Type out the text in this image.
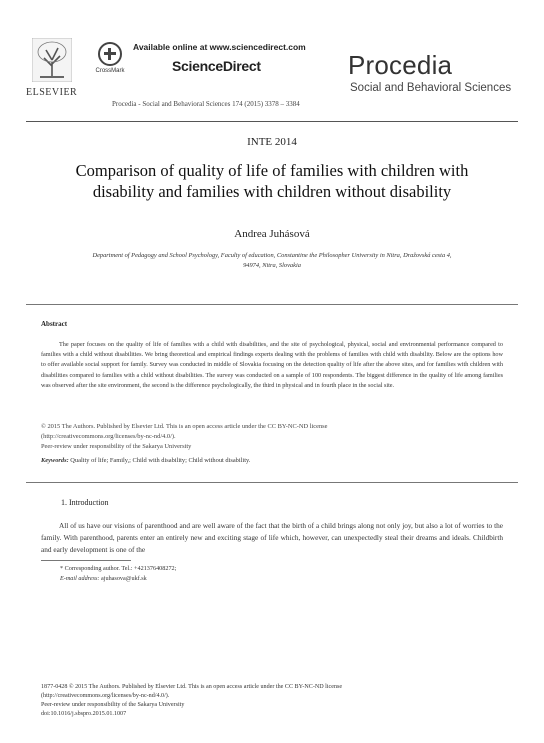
ELSEVIER
CrossMark
Available online at www.sciencedirect.com
ScienceDirect	Procedia
Social and Behavioral Sciences
Procedia - Social and Behavioral Sciences 174 (2015) 3378 – 3384
INTE 2014
Comparison of quality of life of families with children with
disability and families with children without disability
Andrea Juhásová
Department of Pedagogy and School Psychology, Faculty of education, Constantine the Philosopher University in Nitra, Dražovská cesta 4,
94974, Nitra, Slovakia
Abstract
The paper focuses on the quality of life of families with a child with disabilities, and the site of psychological, physical, social and environmental performance compared to families with a child without disabilities. We bring theoretical and empirical findings experts dealing with the problems of families with child with disability. Below are the options how to offer available social support for family. Survey was conducted in middle of Slovakia focusing on the detection quality of life after the above sites, and for families with children with disabilities compared to families with a child without disabilities. The survey was conducted on a sample of 100 respondents. The biggest difference in the quality of life among families was observed after the site environment, the second is the difference psychologically, the third in physical and in fourth place in the social site.
© 2015 The Authors. Published by Elsevier Ltd. This is an open access article under the CC BY-NC-ND license
(http://creativecommons.org/licenses/by-nc-nd/4.0/).
Peer-review under responsibility of the Sakarya University
Keywords: Quality of life; Family,; Child with disability; Child without disability.
1. Introduction
All of us have our visions of parenthood and are well aware of the fact that the birth of a child brings along not only joy, but also a lot of worries to the family. With parenthood, parents enter an entirely new and exciting stage of life which, however, can unexpectedly steal their dreams and ideals. Childbirth and early development is one of the
* Corresponding author. Tel.: +421376408272;
E-mail address: ajuhasova@ukf.sk
1877-0428 © 2015 The Authors. Published by Elsevier Ltd. This is an open access article under the CC BY-NC-ND license
(http://creativecommons.org/licenses/by-nc-nd/4.0/).
Peer-review under responsibility of the Sakarya University
doi:10.1016/j.sbspro.2015.01.1007
